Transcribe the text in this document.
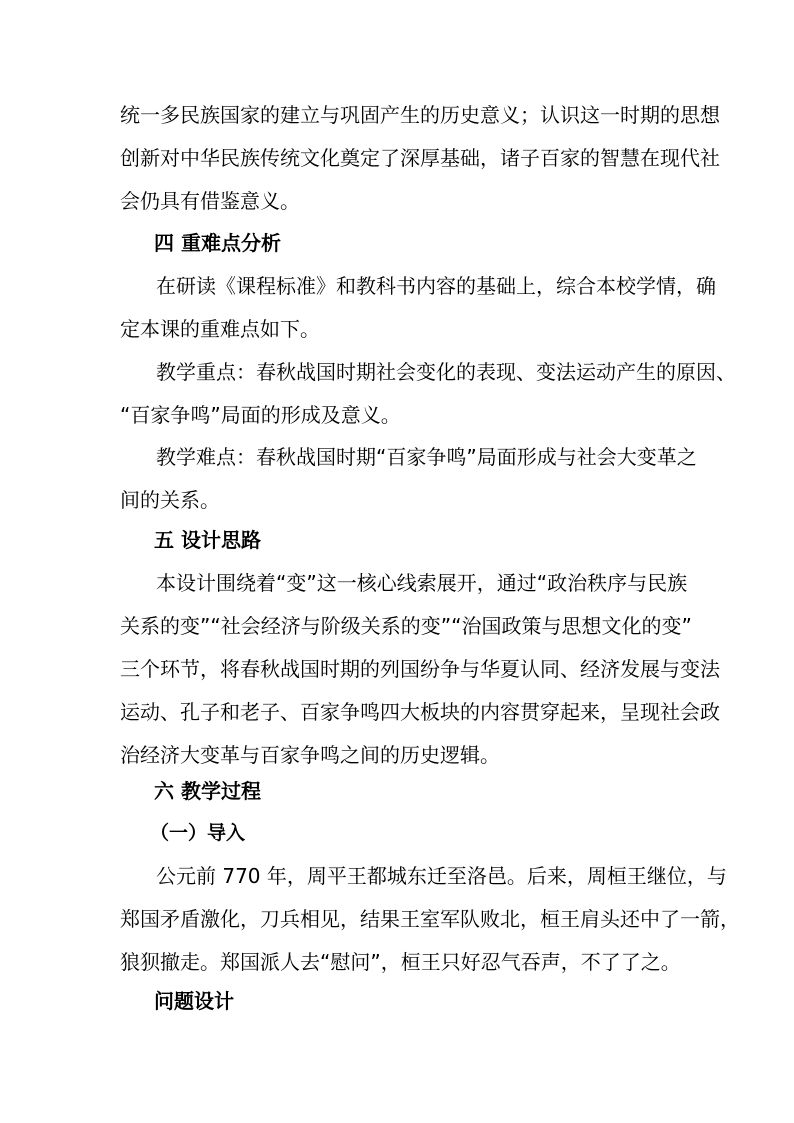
统一多民族国家的建立与巩固产生的历史意义；认识这一时期的思想
创新对中华民族传统文化奠定了深厚基础，诸子百家的智慧在现代社
会仍具有借鉴意义。
四 重难点分析
在研读《课程标准》和教科书内容的基础上，综合本校学情，确
定本课的重难点如下。
教学重点：春秋战国时期社会变化的表现、变法运动产生的原因、
“百家争鸣”局面的形成及意义。
教学难点：春秋战国时期“百家争鸣”局面形成与社会大变革之
间的关系。
五 设计思路
本设计围绕着“变”这一核心线索展开，通过“政治秩序与民族
关系的变”“社会经济与阶级关系的变”“治国政策与思想文化的变”
三个环节，将春秋战国时期的列国纷争与华夏认同、经济发展与变法
运动、孔子和老子、百家争鸣四大板块的内容贯穿起来，呈现社会政
治经济大变革与百家争鸣之间的历史逻辑。
六 教学过程
（一）导入
公元前 770 年，周平王都城东迁至洛邑。后来，周桓王继位，与
郑国矛盾激化，刀兵相见，结果王室军队败北，桓王肩头还中了一箭，
狼狈撤走。郑国派人去“慰问”，桓王只好忍气吞声，不了了之。
问题设计
